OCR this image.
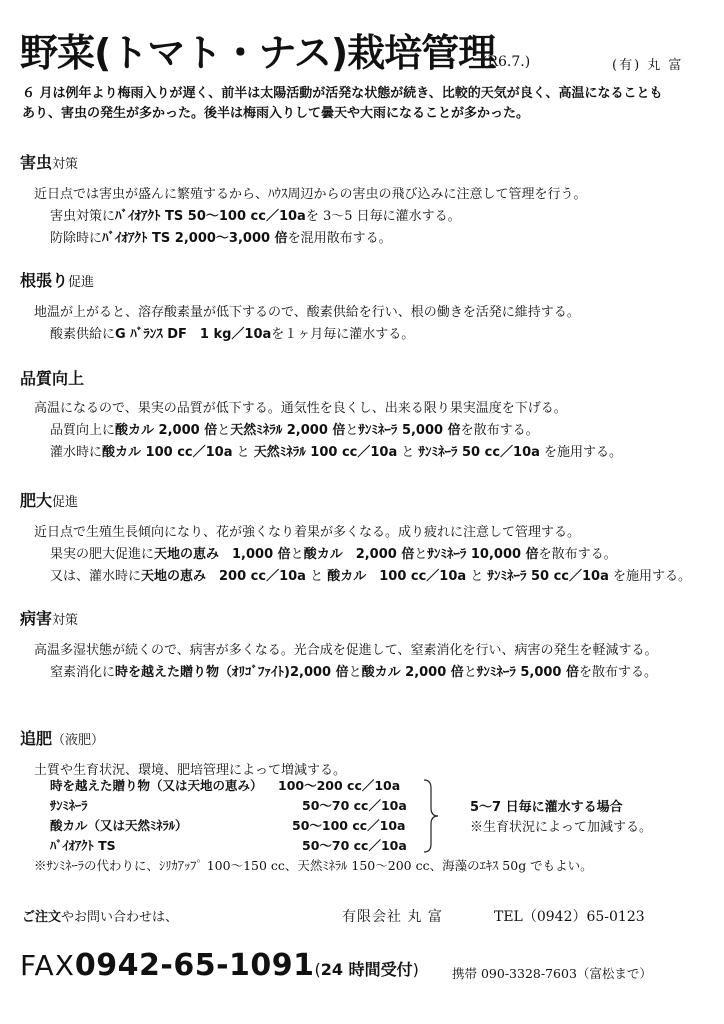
野菜(トマト・ナス)栽培管理
(R6.7.)	(有) 丸 富
６ 月は例年より梅雨入りが遅く、前半は太陽活動が活発な状態が続き、比較的天気が良く、高温になることも
あり、害虫の発生が多かった。後半は梅雨入りして曇天や大雨になることが多かった。
害虫対策
近日点では害虫が盛んに繁殖するから、ﾊｳｽ周辺からの害虫の飛び込みに注意して管理を行う。
害虫対策にﾊﾞｲｵｱｸﾄ TS 50～100 cc／10aを 3～5 日毎に灌水する。
防除時にﾊﾞｲｵｱｸﾄ TS 2,000～3,000 倍を混用散布する。
根張り促進
地温が上がると、溶存酸素量が低下するので、酸素供給を行い、根の働きを活発に維持する。
酸素供給にG ﾊﾞﾗﾝｽ DF　1 kg／10aを１ヶ月毎に灌水する。
品質向上
高温になるので、果実の品質が低下する。通気性を良くし、出来る限り果実温度を下げる。
品質向上に酸カル 2,000 倍と天然ﾐﾈﾗﾙ 2,000 倍とｻﾝﾐﾈｰﾗ 5,000 倍を散布する。
灌水時に酸カル 100 cc／10a と 天然ﾐﾈﾗﾙ 100 cc／10a と ｻﾝﾐﾈｰﾗ 50 cc／10a を施用する。
肥大促進
近日点で生殖生長傾向になり、花が強くなり着果が多くなる。成り疲れに注意して管理する。
果実の肥大促進に天地の恵み　1,000 倍と酸カル　2,000 倍とｻﾝﾐﾈｰﾗ 10,000 倍を散布する。
又は、灌水時に天地の恵み　200 cc／10a と 酸カル　100 cc／10a と ｻﾝﾐﾈｰﾗ 50 cc／10a を施用する。
病害対策
高温多湿状態が続くので、病害が多くなる。光合成を促進して、窒素消化を行い、病害の発生を軽減する。
窒素消化に時を越えた贈り物（ｵﾘｺﾞﾌｧｲﾄ)2,000 倍と酸カル 2,000 倍とｻﾝﾐﾈｰﾗ 5,000 倍を散布する。
追肥（液肥）
土質や生育状況、環境、肥培管理によって増減する。
時を越えた贈り物（又は天地の恵み） 100～200 cc／10a
ｻﾝﾐﾈｰﾗ	50～70 cc／10a
酸カル（又は天然ﾐﾈﾗﾙ）	50～100 cc／10a
ﾊﾞｲｵｱｸﾄ TS	50～70 cc／10a
5～7 日毎に灌水する場合
※生育状況によって加減する。
※ｻﾝﾐﾈｰﾗの代わりに、ｼﾘｶｱｯﾌﾟ 100～150 cc、天然ﾐﾈﾗﾙ 150～200 cc、海藻のｴｷｽ 50g でもよい。
ご注文やお問い合わせは、	有限会社 丸 富	TEL（0942）65-0123
FAX0942-65-1091(24 時間受付)	携帯 090-3328-7603（富松まで）
